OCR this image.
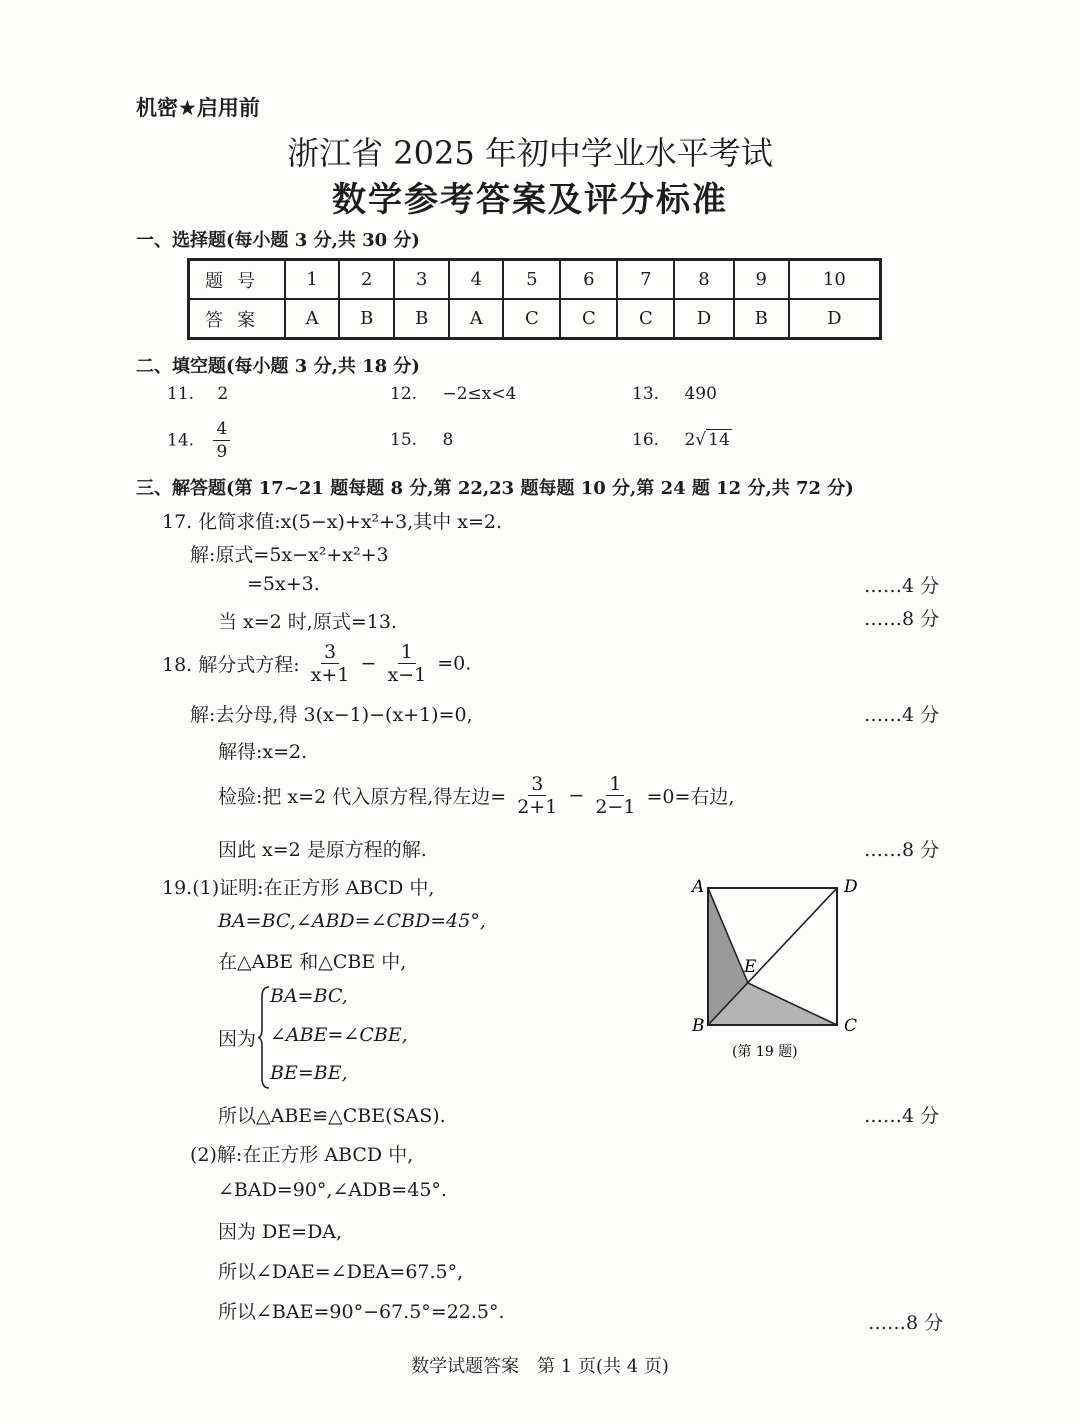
机密★启用前
浙江省 2025 年初中学业水平考试
数学参考答案及评分标准
一、选择题(每小题 3 分,共 30 分)
题号	1	2	3	4	5	6	7	8	9	10
答案	A	B	B	A	C	C	C	D	B	D
二、填空题(每小题 3 分,共 18 分)
11. 2	12. −2≤x<4	13. 490
14. $\frac{4}{9}$	15. 8	16. 2√ 14
三、解答题(第 17~21 题每题 8 分,第 22,23 题每题 10 分,第 24 题 12 分,共 72 分)
17. 化简求值:x(5−x)+x²+3,其中 x=2.
解:原式=5x−x²+x²+3
=5x+3.
当 x=2 时,原式=13.
……4 分
……8 分
18. 解分式方程: $\frac{3}{x+1} - \frac{1}{x-1} =0$.
解:去分母,得 3(x−1)−(x+1)=0,
解得:x=2.
检验:把 x=2 代入原方程,得左边= $\frac{3}{2+1} - \frac{1}{2-1} =0=$右边,
因此 x=2 是原方程的解.
……4 分
……8 分
19.(1)证明:在正方形 ABCD 中,
BA=BC,∠ABD=∠CBD=45°,
在△ABE 和△CBE 中,
因为
BA=BC,
∠ABE=∠CBE,
BE=BE,
所以△ABE≌△CBE(SAS).	……4 分
(2)解:在正方形 ABCD 中,
∠BAD=90°,∠ADB=45°.
因为 DE=DA,
所以∠DAE=∠DEA=67.5°,
所以∠BAE=90°−67.5°=22.5°.	……8 分
A	D
B	C
E
(第 19 题)
数学试题答案　第 1 页(共 4 页)
